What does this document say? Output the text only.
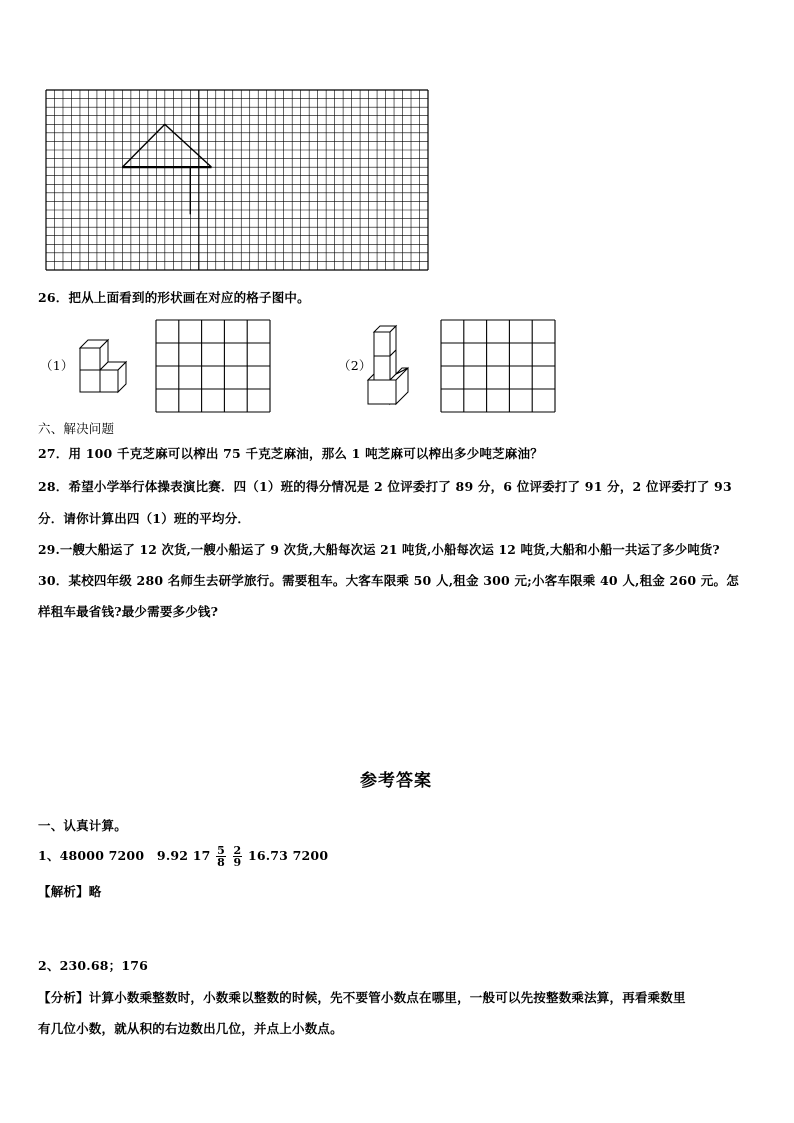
26．把从上面看到的形状画在对应的格子图中。
（1）	（2）
六、解决问题
27．用 100 千克芝麻可以榨出 75 千克芝麻油，那么 1 吨芝麻可以榨出多少吨芝麻油？
28．希望小学举行体操表演比赛．四（1）班的得分情况是 2 位评委打了 89 分，6 位评委打了 91 分，2 位评委打了 93
分．请你计算出四（1）班的平均分．
29.一艘大船运了 12 次货,一艘小船运了 9 次货,大船每次运 21 吨货,小船每次运 12 吨货,大船和小船一共运了多少吨货?
30．某校四年级 280 名师生去研学旅行。需要租车。大客车限乘 50 人,租金 300 元;小客车限乘 40 人,租金 260 元。怎
样租车最省钱?最少需要多少钱?
参考答案
一、认真计算。
1、48000 7200　9.92 $17 \frac{5}{8}$
$\frac{2}{9} 16.73$ 7200
【解析】略
2、230.68；176
【分析】计算小数乘整数时，小数乘以整数的时候，先不要管小数点在哪里，一般可以先按整数乘法算，再看乘数里
有几位小数，就从积的右边数出几位，并点上小数点。
